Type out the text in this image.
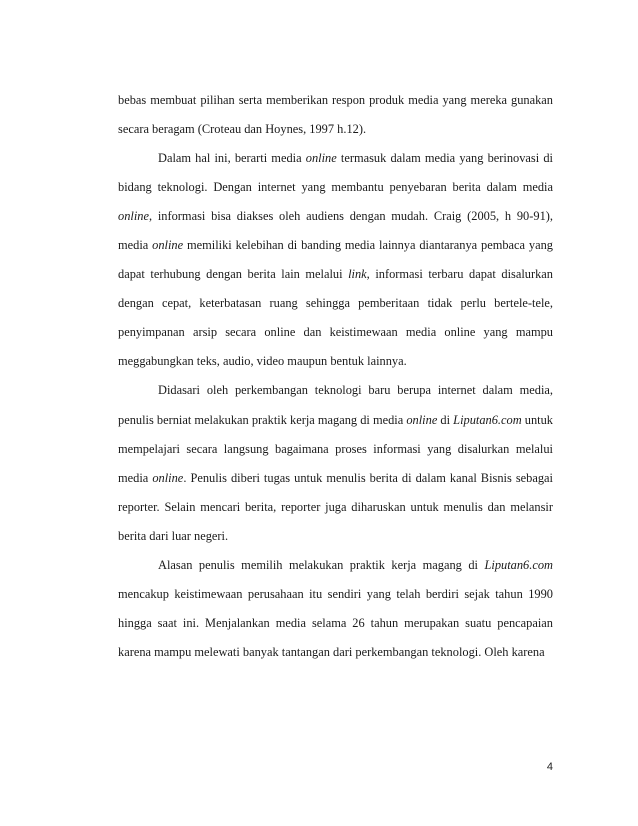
bebas membuat pilihan serta memberikan respon produk media yang mereka gunakan secara beragam (Croteau dan Hoynes, 1997 h.12).

Dalam hal ini, berarti media online termasuk dalam media yang berinovasi di bidang teknologi. Dengan internet yang membantu penyebaran berita dalam media online, informasi bisa diakses oleh audiens dengan mudah. Craig (2005, h 90-91), media online memiliki kelebihan di banding media lainnya diantaranya pembaca yang dapat terhubung dengan berita lain melalui link, informasi terbaru dapat disalurkan dengan cepat, keterbatasan ruang sehingga pemberitaan tidak perlu bertele-tele, penyimpanan arsip secara online dan keistimewaan media online yang mampu meggabungkan teks, audio, video maupun bentuk lainnya.

Didasari oleh perkembangan teknologi baru berupa internet dalam media, penulis berniat melakukan praktik kerja magang di media online di Liputan6.com untuk mempelajari secara langsung bagaimana proses informasi yang disalurkan melalui media online. Penulis diberi tugas untuk menulis berita di dalam kanal Bisnis sebagai reporter. Selain mencari berita, reporter juga diharuskan untuk menulis dan melansir berita dari luar negeri.

Alasan penulis memilih melakukan praktik kerja magang di Liputan6.com mencakup keistimewaan perusahaan itu sendiri yang telah berdiri sejak tahun 1990 hingga saat ini. Menjalankan media selama 26 tahun merupakan suatu pencapaian karena mampu melewati banyak tantangan dari perkembangan teknologi. Oleh karena

4
